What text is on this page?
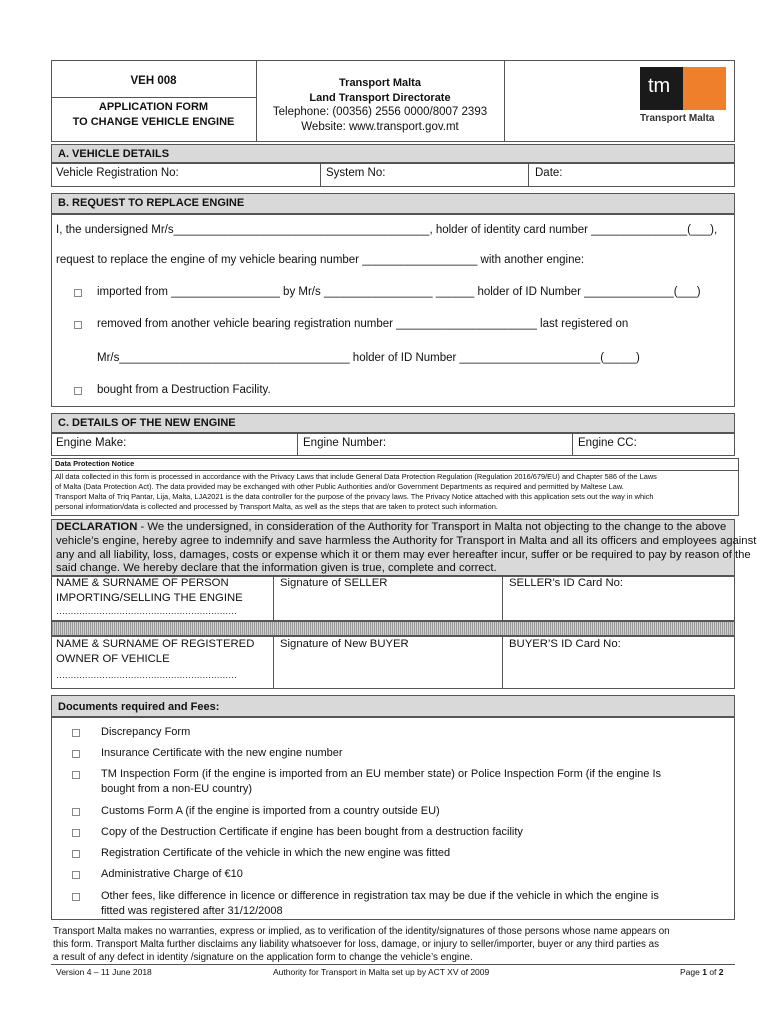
VEH 008
APPLICATION FORM
TO CHANGE VEHICLE ENGINE
Transport Malta
Land Transport Directorate
Telephone: (00356) 2556 0000/8007 2393
Website: www.transport.gov.mt
tm
Transport Malta
A. VEHICLE DETAILS
Vehicle Registration No:	System No:	Date:
B. REQUEST TO REPLACE ENGINE
I, the undersigned Mr/s________________________________________, holder of identity card number _______________(___),
request to replace the engine of my vehicle bearing number __________________ with another engine:
imported from _________________ by Mr/s _________________ ______ holder of ID Number ______________(___)
removed from another vehicle bearing registration number ______________________ last registered on
Mr/s____________________________________ holder of ID Number ______________________(_____)
bought from a Destruction Facility.
C. DETAILS OF THE NEW ENGINE
Engine Make:	Engine Number:	Engine CC:
Data Protection Notice
All data collected in this form is processed in accordance with the Privacy Laws that include General Data Protection Regulation (Regulation 2016/679/EU) and Chapter 586 of the Laws
of Malta (Data Protection Act). The data provided may be exchanged with other Public Authorities and/or Government Departments as required and permitted by Maltese Law.
Transport Malta of Triq Pantar, Lija, Malta, LJA2021 is the data controller for the purpose of the privacy laws. The Privacy Notice attached with this application sets out the way in which
personal information/data is collected and processed by Transport Malta, as well as the steps that are taken to protect such information.
DECLARATION - We the undersigned, in consideration of the Authority for Transport in Malta not objecting to the change to the above
vehicle’s engine, hereby agree to indemnify and save harmless the Authority for Transport in Malta and all its officers and employees against
any and all liability, loss, damages, costs or expense which it or them may ever hereafter incur, suffer or be required to pay by reason of the
said change. We hereby declare that the information given is true, complete and correct.
NAME & SURNAME OF PERSON
IMPORTING/SELLING THE ENGINE
………………………………………………………
Signature of SELLER	SELLER’s ID Card No:
NAME & SURNAME OF REGISTERED
OWNER OF VEHICLE
………………………………………………………
Signature of New BUYER	BUYER’S ID Card No:
Documents required and Fees:
Discrepancy Form
Insurance Certificate with the new engine number
TM Inspection Form (if the engine is imported from an EU member state) or Police Inspection Form (if the engine Is
bought from a non-EU country)
Customs Form A (if the engine is imported from a country outside EU)
Copy of the Destruction Certificate if engine has been bought from a destruction facility
Registration Certificate of the vehicle in which the new engine was fitted
Administrative Charge of €10
Other fees, like difference in licence or difference in registration tax may be due if the vehicle in which the engine is
fitted was registered after 31/12/2008
Transport Malta makes no warranties, express or implied, as to verification of the identity/signatures of those persons whose name appears on
this form. Transport Malta further disclaims any liability whatsoever for loss, damage, or injury to seller/importer, buyer or any third parties as
a result of any defect in identity /signature on the application form to change the vehicle’s engine.
Version 4 – 11 June 2018	Authority for Transport in Malta set up by ACT XV of 2009	Page 1 of 2
